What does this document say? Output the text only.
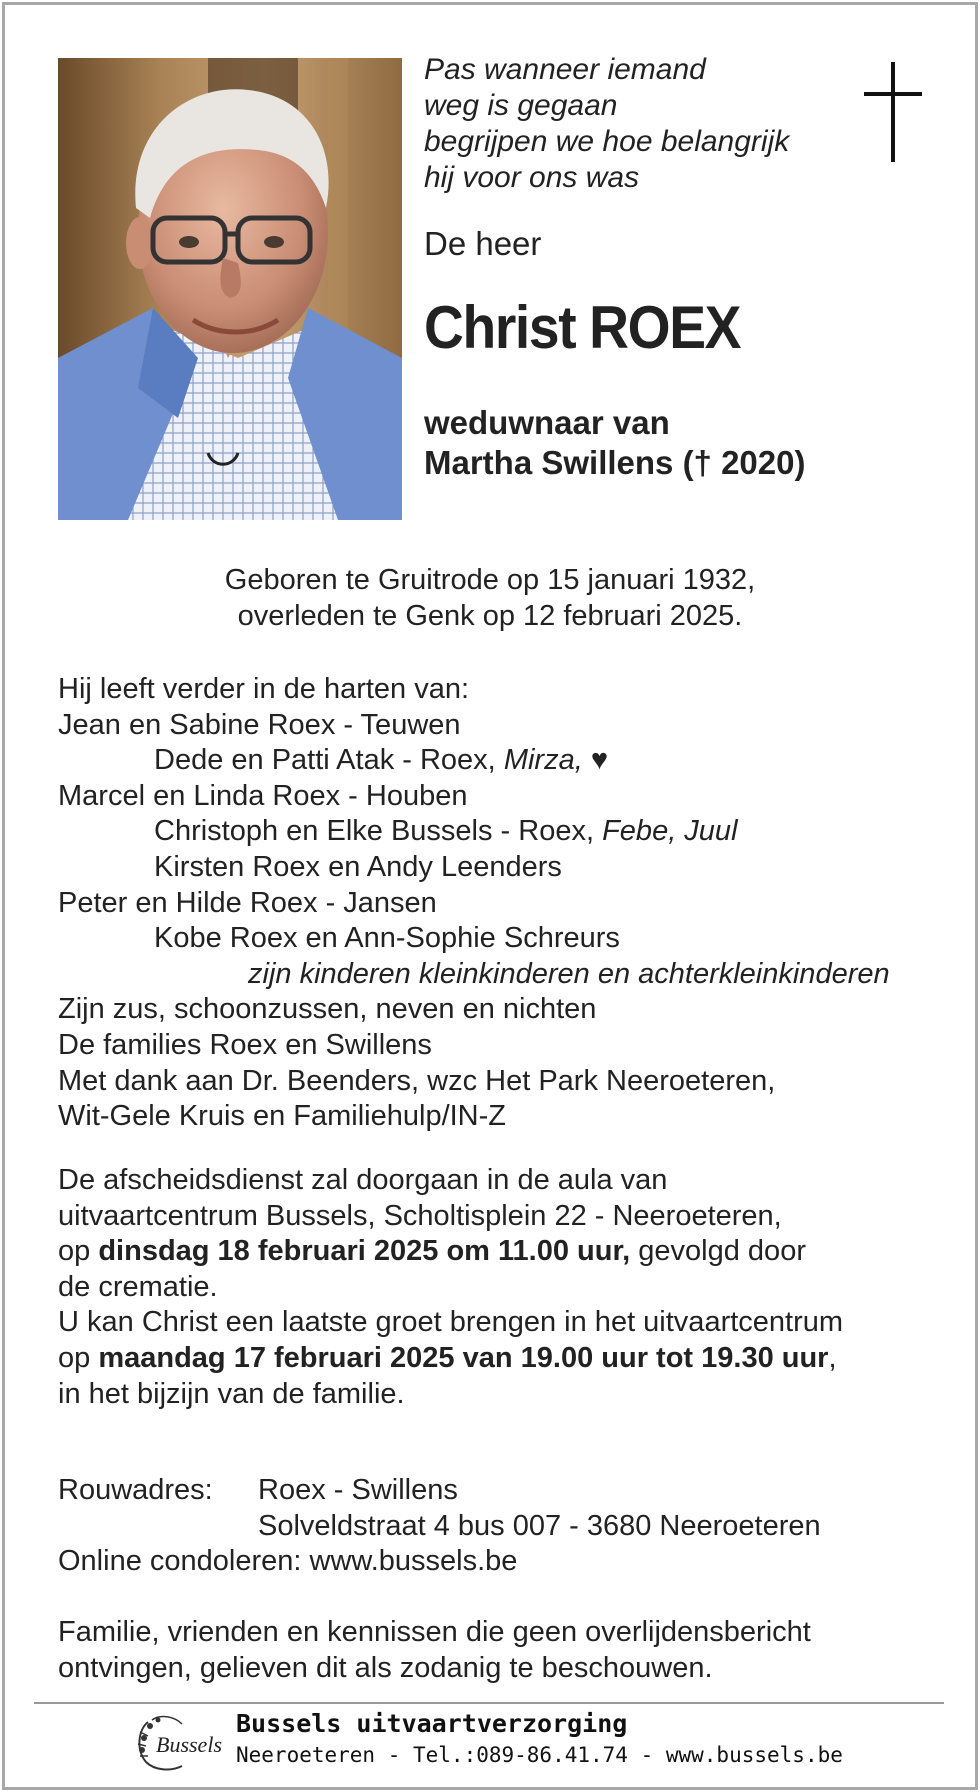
Pas wanneer iemand
weg is gegaan
begrijpen we hoe belangrijk
hij voor ons was
De heer
Christ ROEX
weduwnaar van
Martha Swillens († 2020)
Geboren te Gruitrode op 15 januari 1932,
overleden te Genk op 12 februari 2025.
Hij leeft verder in de harten van:
Jean en Sabine Roex - Teuwen
Dede en Patti Atak - Roex, Mirza, ♥
Marcel en Linda Roex - Houben
Christoph en Elke Bussels - Roex, Febe, Juul
Kirsten Roex en Andy Leenders
Peter en Hilde Roex - Jansen
Kobe Roex en Ann-Sophie Schreurs
zijn kinderen kleinkinderen en achterkleinkinderen
Zijn zus, schoonzussen, neven en nichten
De families Roex en Swillens
Met dank aan Dr. Beenders, wzc Het Park Neeroeteren,
Wit-Gele Kruis en Familiehulp/IN-Z
De afscheidsdienst zal doorgaan in de aula van
uitvaartcentrum Bussels, Scholtisplein 22 - Neeroeteren,
op dinsdag 18 februari 2025 om 11.00 uur, gevolgd door
de crematie.
U kan Christ een laatste groet brengen in het uitvaartcentrum
op maandag 17 februari 2025 van 19.00 uur tot 19.30 uur,
in het bijzijn van de familie.
Rouwadres: Roex - Swillens
Solveldstraat 4 bus 007 - 3680 Neeroeteren
Online condoleren: www.bussels.be
Familie, vrienden en kennissen die geen overlijdensbericht
ontvingen, gelieven dit als zodanig te beschouwen.
Bussels
Bussels uitvaartverzorging
Neeroeteren - Tel.:089-86.41.74 - www.bussels.be
